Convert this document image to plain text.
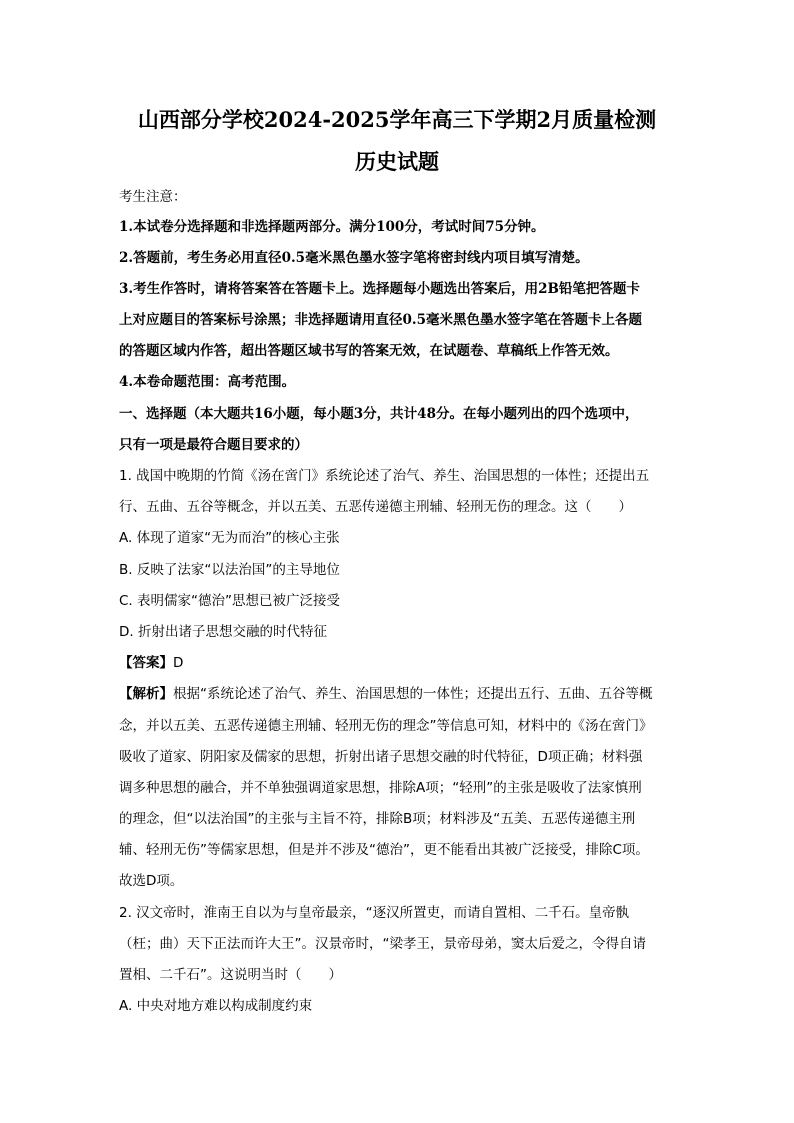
山西部分学校2024-2025学年高三下学期2月质量检测
历史试题
考生注意：
1.本试卷分选择题和非选择题两部分。满分100分，考试时间75分钟。
2.答题前，考生务必用直径0.5毫米黑色墨水签字笔将密封线内项目填写清楚。
3.考生作答时，请将答案答在答题卡上。选择题每小题选出答案后，用2B铅笔把答题卡
上对应题目的答案标号涂黑；非选择题请用直径0.5毫米黑色墨水签字笔在答题卡上各题
的答题区域内作答，超出答题区域书写的答案无效，在试题卷、草稿纸上作答无效。
4.本卷命题范围：高考范围。
一、选择题（本大题共16小题，每小题3分，共计48分。在每小题列出的四个选项中，
只有一项是最符合题目要求的）
1. 战国中晚期的竹简《汤在啻门》系统论述了治气、养生、治国思想的一体性；还提出五
行、五曲、五谷等概念，并以五美、五恶传递德主刑辅、轻刑无伤的理念。这（　　）
A. 体现了道家“无为而治”的核心主张
B. 反映了法家“以法治国”的主导地位
C. 表明儒家“德治”思想已被广泛接受
D. 折射出诸子思想交融的时代特征
【答案】D
【解析】根据“系统论述了治气、养生、治国思想的一体性；还提出五行、五曲、五谷等概
念，并以五美、五恶传递德主刑辅、轻刑无伤的理念”等信息可知，材料中的《汤在啻门》
吸收了道家、阴阳家及儒家的思想，折射出诸子思想交融的时代特征，D项正确；材料强
调多种思想的融合，并不单独强调道家思想，排除A项；“轻刑”的主张是吸收了法家慎刑
的理念，但“以法治国”的主张与主旨不符，排除B项；材料涉及“五美、五恶传递德主刑
辅、轻刑无伤”等儒家思想，但是并不涉及“德治”，更不能看出其被广泛接受，排除C项。
故选D项。
2. 汉文帝时，淮南王自以为与皇帝最亲，“逐汉所置吏，而请自置相、二千石。皇帝骫
（枉；曲）天下正法而许大王”。汉景帝时，“梁孝王，景帝母弟，窦太后爱之，令得自请
置相、二千石”。这说明当时（　　）
A. 中央对地方难以构成制度约束
